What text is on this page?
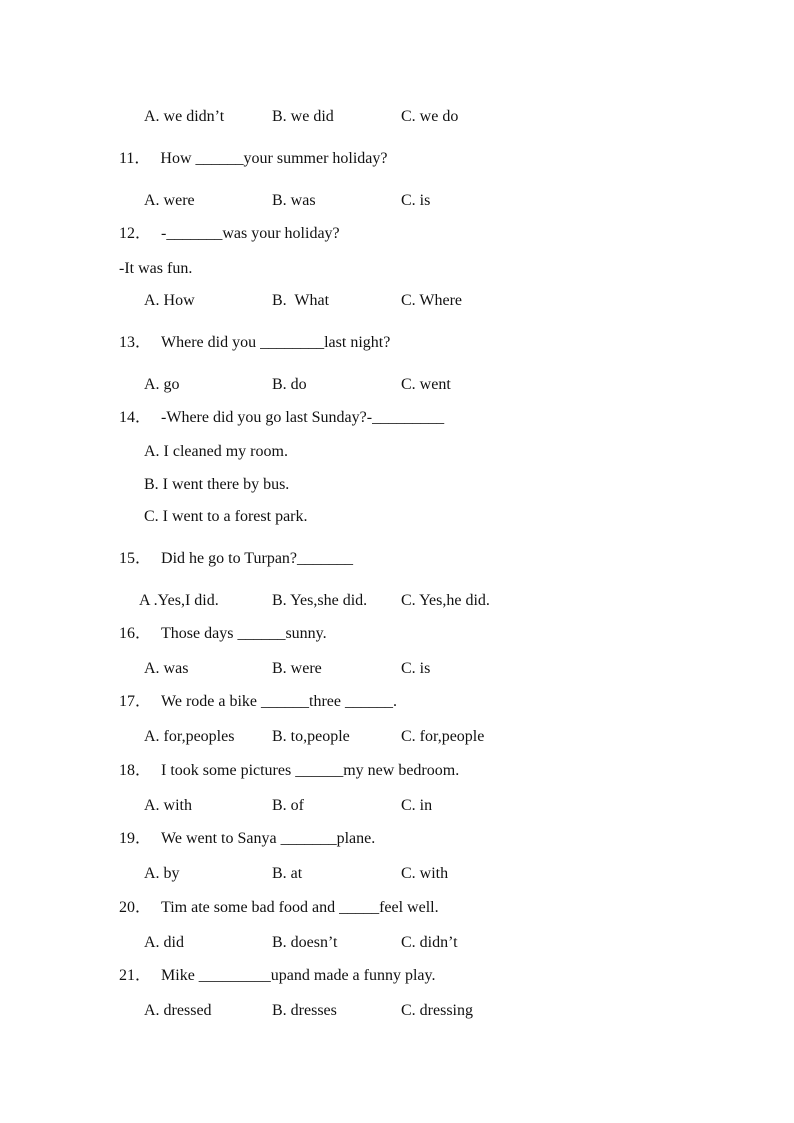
A. we didn’t	B. we did	C. we do
11． How ______your summer holiday?
A. were	B. was	C. is
12． -_______was your holiday?
-It was fun.
A. How	B.  What	C. Where
13． Where did you ________last night?
A. go	B. do	C. went
14． -Where did you go last Sunday?-_________
A. I cleaned my room.
B. I went there by bus.
C. I went to a forest park.
15． Did he go to Turpan?_______
A .Yes,I did.	B. Yes,she did. C. Yes,he did.
16． Those days ______sunny.
A. was	B. were	C. is
17． We rode a bike ______three ______.
A. for,peoples B. to,people	C. for,people
18． I took some pictures ______my new bedroom.
A. with	B. of	C. in
19． We went to Sanya _______plane.
A. by	B. at	C. with
20． Tim ate some bad food and _____feel well.
A. did	B. doesn’t	C. didn’t
21． Mike _________upand made a funny play.
A. dressed	B. dresses	C. dressing
